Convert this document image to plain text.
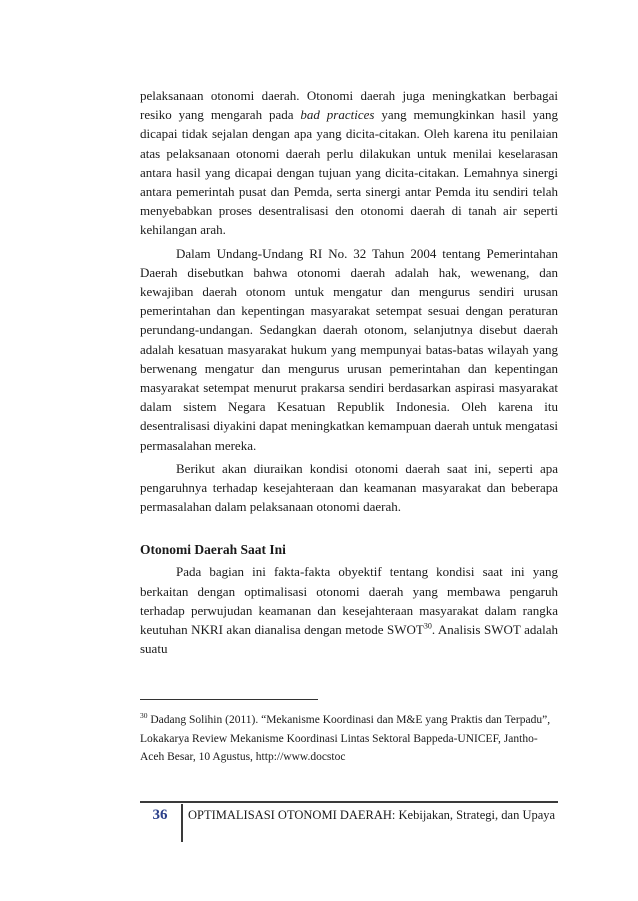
pelaksanaan otonomi daerah. Otonomi daerah juga meningkatkan berbagai resiko yang mengarah pada bad practices yang memungkinkan hasil yang dicapai tidak sejalan dengan apa yang dicita-citakan. Oleh karena itu penilaian atas pelaksanaan otonomi daerah perlu dilakukan untuk menilai keselarasan antara hasil yang dicapai dengan tujuan yang dicita-citakan. Lemahnya sinergi antara pemerintah pusat dan Pemda, serta sinergi antar Pemda itu sendiri telah menyebabkan proses desentralisasi den otonomi daerah di tanah air seperti kehilangan arah.

Dalam Undang-Undang RI No. 32 Tahun 2004 tentang Pemerintahan Daerah disebutkan bahwa otonomi daerah adalah hak, wewenang, dan kewajiban daerah otonom untuk mengatur dan mengurus sendiri urusan pemerintahan dan kepentingan masyarakat setempat sesuai dengan peraturan perundang-undangan. Sedangkan daerah otonom, selanjutnya disebut daerah adalah kesatuan masyarakat hukum yang mempunyai batas-batas wilayah yang berwenang mengatur dan mengurus urusan pemerintahan dan kepentingan masyarakat setempat menurut prakarsa sendiri berdasarkan aspirasi masyarakat dalam sistem Negara Kesatuan Republik Indonesia. Oleh karena itu desentralisasi diyakini dapat meningkatkan kemampuan daerah untuk mengatasi permasalahan mereka.

Berikut akan diuraikan kondisi otonomi daerah saat ini, seperti apa pengaruhnya terhadap kesejahteraan dan keamanan masyarakat dan beberapa permasalahan dalam pelaksanaan otonomi daerah.

Otonomi Daerah Saat Ini

Pada bagian ini fakta-fakta obyektif tentang kondisi saat ini yang berkaitan dengan optimalisasi otonomi daerah yang membawa pengaruh terhadap perwujudan keamanan dan kesejahteraan masyarakat dalam rangka keutuhan NKRI akan dianalisa dengan metode SWOT$^{30}$. Analisis SWOT adalah suatu

$^{30}$ Dadang Solihin (2011). “Mekanisme Koordinasi dan M&E yang Praktis dan Terpadu”, Lokakarya Review Mekanisme Koordinasi Lintas Sektoral Bappeda-UNICEF, Jantho-Aceh Besar, 10 Agustus, http://www.docstoc
36	OPTIMALISASI OTONOMI DAERAH: Kebijakan, Strategi, dan Upaya
